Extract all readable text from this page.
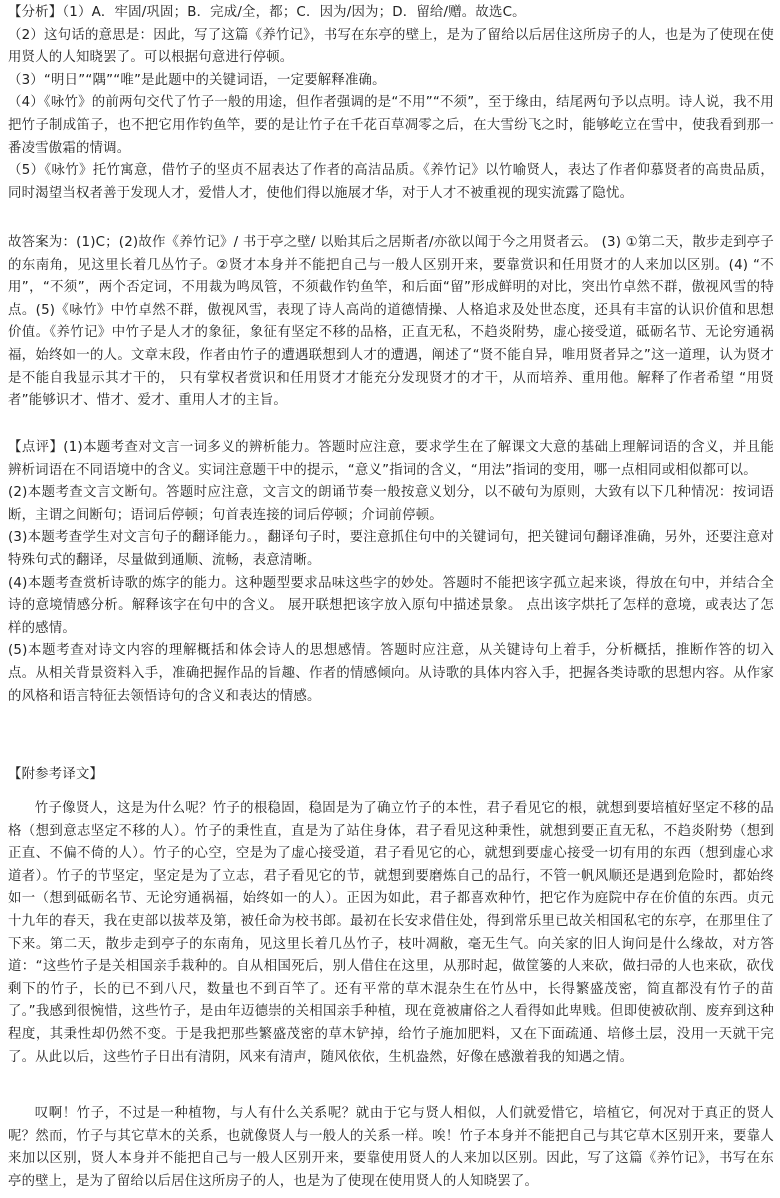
【分析】（1）A．牢固/巩固；B．完成/全，都；C．因为/因为；D．留给/赠。故选C。

（2）这句话的意思是：因此，写了这篇《养竹记》，书写在东亭的壁上，是为了留给以后居住这所房子的人，也是为了使现在使用贤人的人知晓罢了。可以根据句意进行停顿。

（3）“明日”“隅”“唯”是此题中的关键词语，一定要解释准确。

（4）《咏竹》的前两句交代了竹子一般的用途，但作者强调的是“不用”“不须”，至于缘由，结尾两句予以点明。诗人说，我不用把竹子制成笛子，也不把它用作钓鱼竿，要的是让竹子在千花百草凋零之后，在大雪纷飞之时，能够屹立在雪中，使我看到那一番凌雪傲霜的情调。

（5）《咏竹》托竹寓意，借竹子的坚贞不屈表达了作者的高洁品质。《养竹记》以竹喻贤人，表达了作者仰慕贤者的高贵品质，同时渴望当权者善于发现人才，爱惜人才，使他们得以施展才华，对于人才不被重视的现实流露了隐忧。

故答案为：(1)C；(2)故作《养竹记》/ 书于亭之壁/ 以贻其后之居斯者/亦欲以闻于今之用贤者云。 (3) ①第二天，散步走到亭子的东南角，见这里长着几丛竹子。②贤才本身并不能把自己与一般人区别开来，要靠赏识和任用贤才的人来加以区别。(4) “不用”，“不须”，两个否定词，不用裁为鸣凤管，不须截作钓鱼竿，和后面“留”形成鲜明的对比，突出竹卓然不群，傲视风雪的特点。(5)《咏竹》中竹卓然不群，傲视风雪，表现了诗人高尚的道德情操、人格追求及处世态度，还具有丰富的认识价值和思想价值。《养竹记》中竹子是人才的象征，象征有坚定不移的品格，正直无私，不趋炎附势，虚心接受道，砥砺名节、无论穷通祸福，始终如一的人。文章末段，作者由竹子的遭遇联想到人才的遭遇，阐述了“贤不能自异，唯用贤者异之”这一道理，认为贤才是不能自我显示其才干的， 只有掌权者赏识和任用贤才才能充分发现贤才的才干，从而培养、重用他。解释了作者希望 “用贤者”能够识才、惜才、爱才、重用人才的主旨。

【点评】(1)本题考查对文言一词多义的辨析能力。答题时应注意，要求学生在了解课文大意的基础上理解词语的含义，并且能辨析词语在不同语境中的含义。实词注意题干中的提示，“意义”指词的含义，“用法”指词的变用，哪一点相同或相似都可以。

(2)本题考查文言文断句。答题时应注意，文言文的朗诵节奏一般按意义划分，以不破句为原则，大致有以下几种情况：按词语断，主谓之间断句；语词后停顿；句首表连接的词后停顿；介词前停顿。

(3)本题考查学生对文言句子的翻译能力。，翻译句子时，要注意抓住句中的关键词句，把关键词句翻译准确，另外，还要注意对特殊句式的翻译，尽量做到通顺、流畅，表意清晰。

(4)本题考查赏析诗歌的炼字的能力。这种题型要求品味这些字的妙处。答题时不能把该字孤立起来谈，得放在句中，并结合全诗的意境情感分析。解释该字在句中的含义。 展开联想把该字放入原句中描述景象。 点出该字烘托了怎样的意境，或表达了怎样的感情。

(5)本题考查对诗文内容的理解概括和体会诗人的思想感情。答题时应注意，从关键诗句上着手，分析概括，推断作答的切入点。从相关背景资料入手，准确把握作品的旨趣、作者的情感倾向。从诗歌的具体内容入手，把握各类诗歌的思想内容。从作家的风格和语言特征去领悟诗句的含义和表达的情感。

【附参考译文】

竹子像贤人，这是为什么呢？竹子的根稳固，稳固是为了确立竹子的本性，君子看见它的根，就想到要培植好坚定不移的品格（想到意志坚定不移的人）。竹子的秉性直，直是为了站住身体，君子看见这种秉性，就想到要正直无私，不趋炎附势（想到正直、不偏不倚的人）。竹子的心空，空是为了虚心接受道，君子看见它的心，就想到要虚心接受一切有用的东西（想到虚心求道者）。竹子的节坚定，坚定是为了立志，君子看见它的节，就想到要磨炼自己的品行，不管一帆风顺还是遇到危险时，都始终如一（想到砥砺名节、无论穷通祸福，始终如一的人）。正因为如此，君子都喜欢种竹，把它作为庭院中存在价值的东西。贞元十九年的春天，我在吏部以拔萃及第，被任命为校书郎。最初在长安求借住处，得到常乐里已故关相国私宅的东亭，在那里住了下来。第二天，散步走到亭子的东南角，见这里长着几丛竹子，枝叶凋敝，毫无生气。向关家的旧人询问是什么缘故，对方答道：“这些竹子是关相国亲手栽种的。自从相国死后，别人借住在这里，从那时起，做筐篓的人来砍，做扫帚的人也来砍，砍伐剩下的竹子，长的已不到八尺，数量也不到百竿了。还有平常的草木混杂生在竹丛中，长得繁盛茂密，简直都没有竹子的苗了。”我感到很惋惜，这些竹子，是由年迈德崇的关相国亲手种植，现在竟被庸俗之人看得如此卑贱。但即使被砍削、废弃到这种程度，其秉性却仍然不变。于是我把那些繁盛茂密的草木铲掉，给竹子施加肥料，又在下面疏通、培修土层，没用一天就干完了。从此以后，这些竹子日出有清阴，风来有清声，随风依依，生机盎然，好像在感激着我的知遇之情。

叹啊！竹子，不过是一种植物，与人有什么关系呢？就由于它与贤人相似，人们就爱惜它，培植它，何况对于真正的贤人呢？然而，竹子与其它草木的关系，也就像贤人与一般人的关系一样。唉！竹子本身并不能把自己与其它草木区别开来，要靠人来加以区别，贤人本身并不能把自己与一般人区别开来，要靠使用贤人的人来加以区别。因此，写了这篇《养竹记》，书写在东亭的壁上，是为了留给以后居住这所房子的人，也是为了使现在使用贤人的人知晓罢了。
